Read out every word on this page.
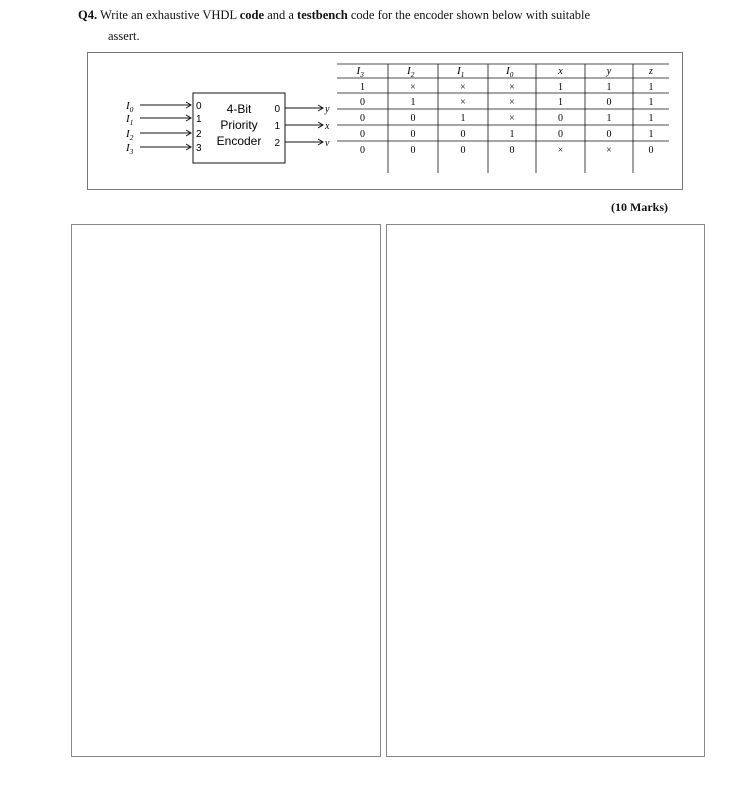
Q4. Write an exhaustive VHDL code and a testbench code for the encoder shown below with suitable
assert.
4-Bit
Priority
Encoder
$I_0$	0
$I_1$	1
$I_2$	2
$I_3$	3
0	y
1	x
2	v
$I_3$	$I_2$	$I_1$	$I_0$	x	y	z
1	×	×	×	1	1	1
0	1	×	×	1	0	1
0	0	1	×	0	1	1
0	0	0	1	0	0	1
0	0	0	0	×	×	0
(10 Marks)
